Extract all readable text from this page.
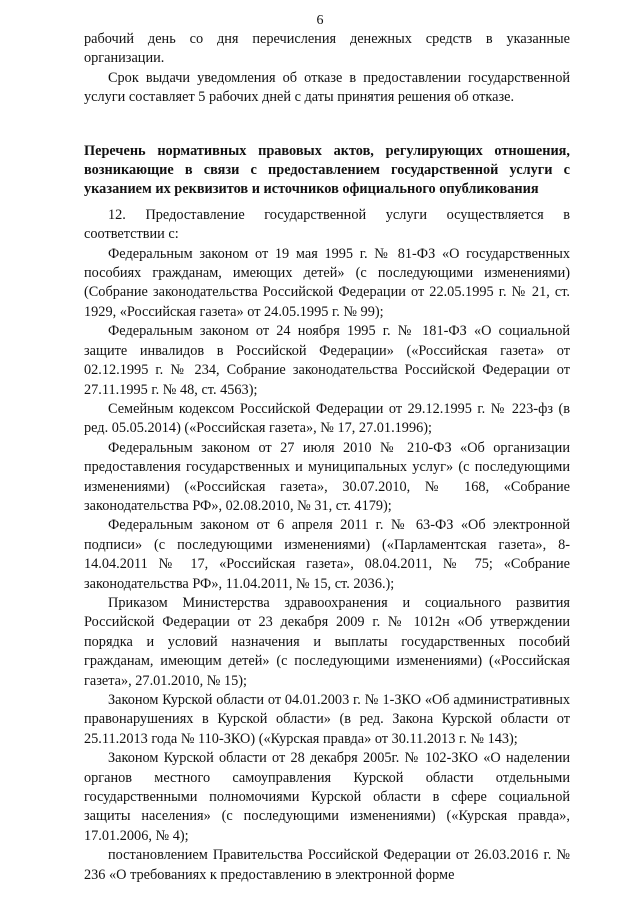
6

рабочий день со дня перечисления денежных средств в указанные организации.

Срок выдачи уведомления об отказе в предоставлении государственной услуги составляет 5 рабочих дней с даты принятия решения об отказе.

Перечень нормативных правовых актов, регулирующих отношения, возникающие в связи с предоставлением государственной услуги с указанием их реквизитов и источников официального опубликования

12. Предоставление государственной услуги осуществляется в соответствии с:

Федеральным законом от 19 мая 1995 г. № 81-ФЗ «О государственных пособиях гражданам, имеющих детей» (с последующими изменениями) (Собрание законодательства Российской Федерации от 22.05.1995 г. № 21, ст. 1929, «Российская газета» от 24.05.1995 г. № 99);

Федеральным законом от 24 ноября 1995 г. № 181-ФЗ «О социальной защите инвалидов в Российской Федерации» («Российская газета» от 02.12.1995 г. № 234, Собрание законодательства Российской Федерации от 27.11.1995 г. № 48, ст. 4563);

Семейным кодексом Российской Федерации от 29.12.1995 г. № 223-фз (в ред. 05.05.2014) («Российская газета», № 17, 27.01.1996);

Федеральным законом от 27 июля 2010 № 210-ФЗ «Об организации предоставления государственных и муниципальных услуг» (с последующими изменениями) («Российская газета», 30.07.2010, № 168, «Собрание законодательства РФ», 02.08.2010, № 31, ст. 4179);

Федеральным законом от 6 апреля 2011 г. № 63-ФЗ «Об электронной подписи» (с последующими изменениями) («Парламентская газета», 8- 14.04.2011 № 17, «Российская газета», 08.04.2011, № 75; «Собрание законодательства РФ», 11.04.2011, № 15, ст. 2036.);

Приказом Министерства здравоохранения и социального развития Российской Федерации от 23 декабря 2009 г. № 1012н «Об утверждении порядка и условий назначения и выплаты государственных пособий гражданам, имеющим детей» (с последующими изменениями) («Российская газета», 27.01.2010, № 15);

Законом Курской области от 04.01.2003 г. № 1-ЗКО «Об административных правонарушениях в Курской области» (в ред. Закона Курской области от 25.11.2013 года № 110-ЗКО) («Курская правда» от 30.11.2013 г. № 143);

Законом Курской области от 28 декабря 2005г. № 102-ЗКО «О наделении органов местного самоуправления Курской области отдельными государственными полномочиями Курской области в сфере социальной защиты населения» (с последующими изменениями) («Курская правда», 17.01.2006, № 4);

постановлением Правительства Российской Федерации от 26.03.2016 г. № 236 «О требованиях к предоставлению в электронной форме
